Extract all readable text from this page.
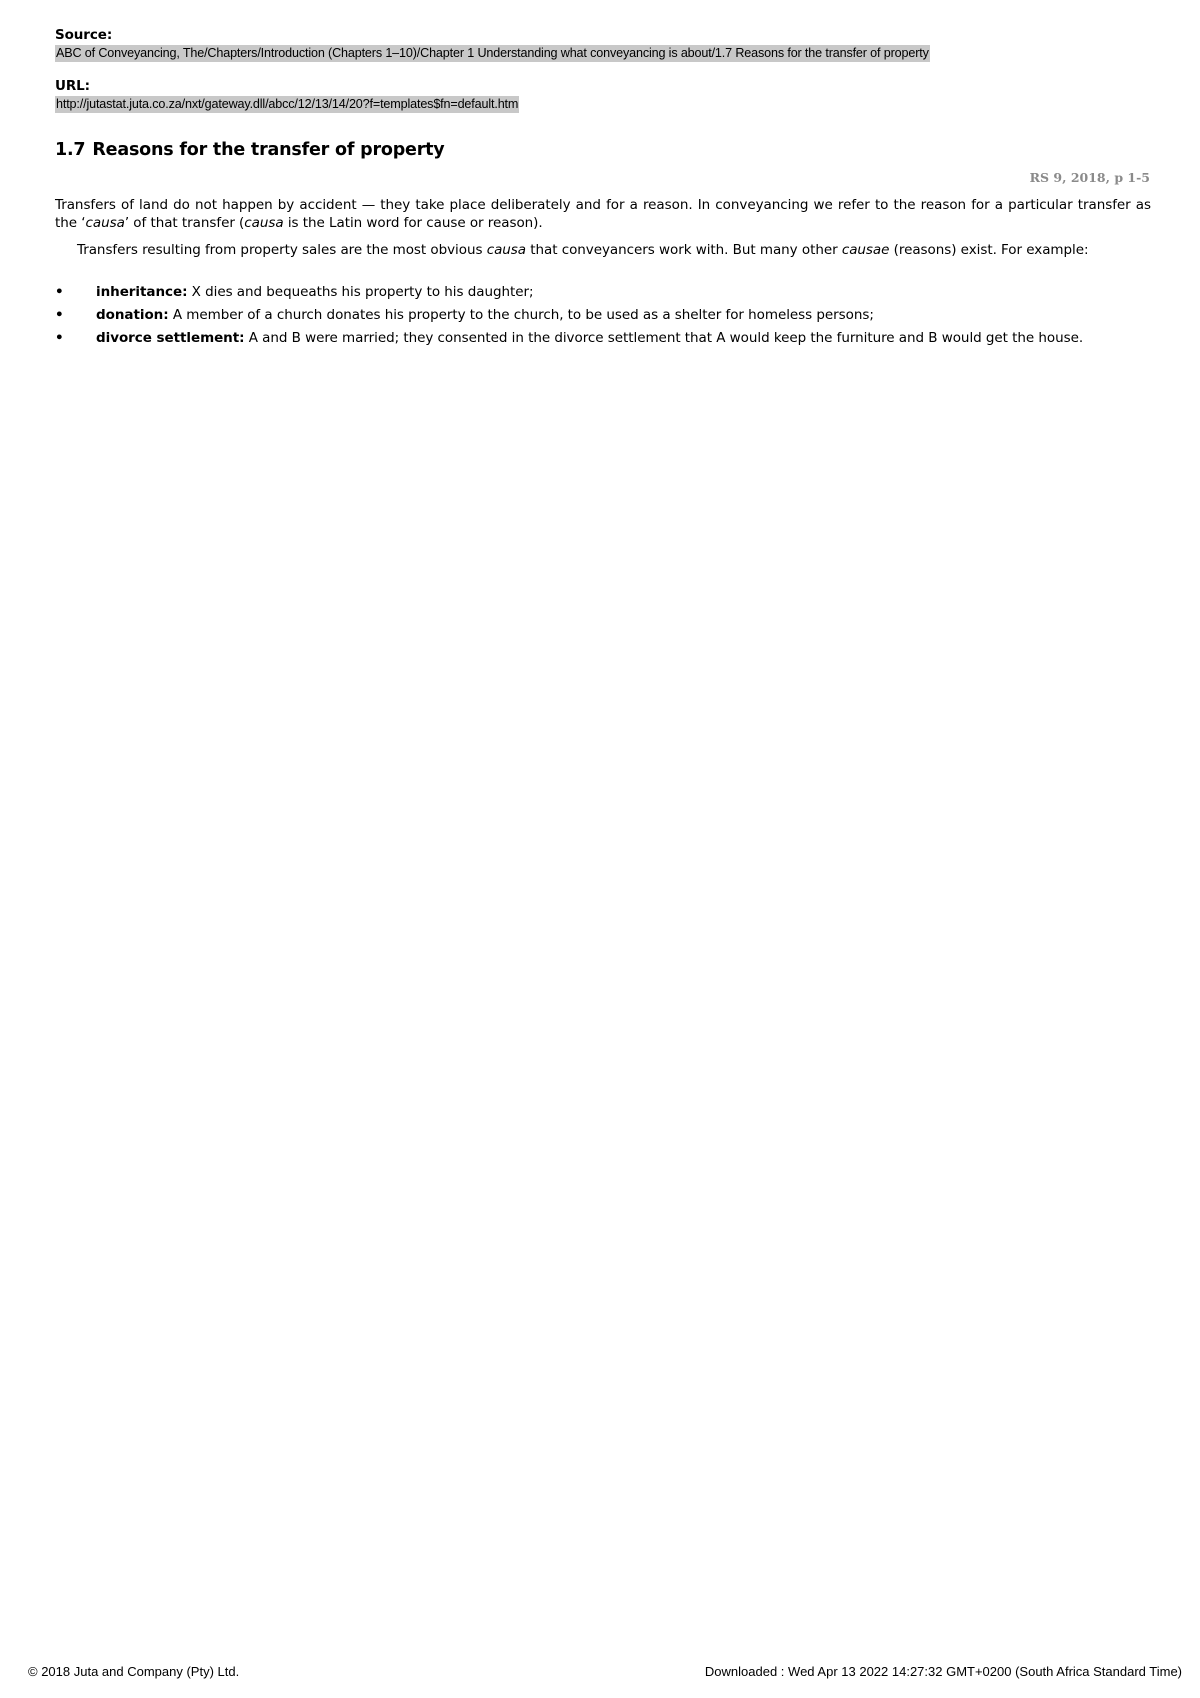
Source:
ABC of Conveyancing, The/Chapters/Introduction (Chapters 1–10)/Chapter 1 Understanding what conveyancing is about/1.7 Reasons for the transfer of property
URL:
http://jutastat.juta.co.za/nxt/gateway.dll/abcc/12/13/14/20?f=templates$fn=default.htm
1.7 Reasons for the transfer of property
RS 9, 2018, p 1-5

Transfers of land do not happen by accident — they take place deliberately and for a reason. In conveyancing we refer to the reason for a particular transfer as the ‘causa’ of that transfer (causa is the Latin word for cause or reason).

Transfers resulting from property sales are the most obvious causa that conveyancers work with. But many other causae (reasons) exist. For example:

• inheritance: X dies and bequeaths his property to his daughter;
• donation: A member of a church donates his property to the church, to be used as a shelter for homeless persons;
• divorce settlement: A and B were married; they consented in the divorce settlement that A would keep the furniture and B would get the house.
© 2018 Juta and Company (Pty) Ltd.	Downloaded : Wed Apr 13 2022 14:27:32 GMT+0200 (South Africa Standard Time)
